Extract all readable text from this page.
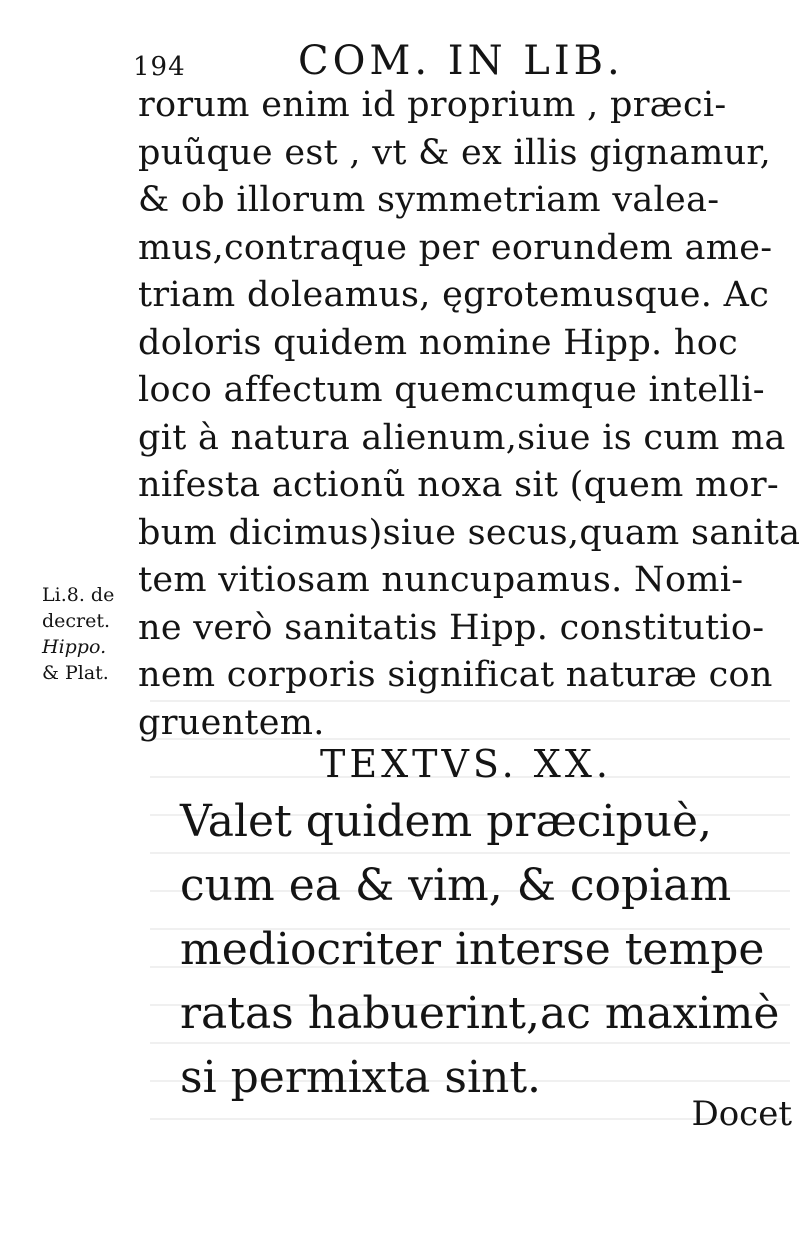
194	COM. IN LIB.
rorum enim id proprium , præci-
puũque est , vt & ex illis gignamur,
& ob illorum symmetriam valea-
mus,contraque per eorundem ame-
triam doleamus, ęgrotemusque. Ac
doloris quidem nomine Hipp. hoc
loco affectum quemcumque intelli-
git à natura alienum,siue is cum ma
nifesta actionũ noxa sit (quem mor-
bum dicimus)siue secus,quam sanita
tem vitiosam nuncupamus. Nomi-
ne verò sanitatis Hipp. constitutio-
nem corporis significat naturæ con
gruentem.
Li.8. de
decret.
Hippo.
& Plat.
TEXTVS. XX.
Valet quidem præcipuè,
cum ea & vim, & copiam
mediocriter interse tempe
ratas habuerint,ac maximè
si permixta sint.
Docet
